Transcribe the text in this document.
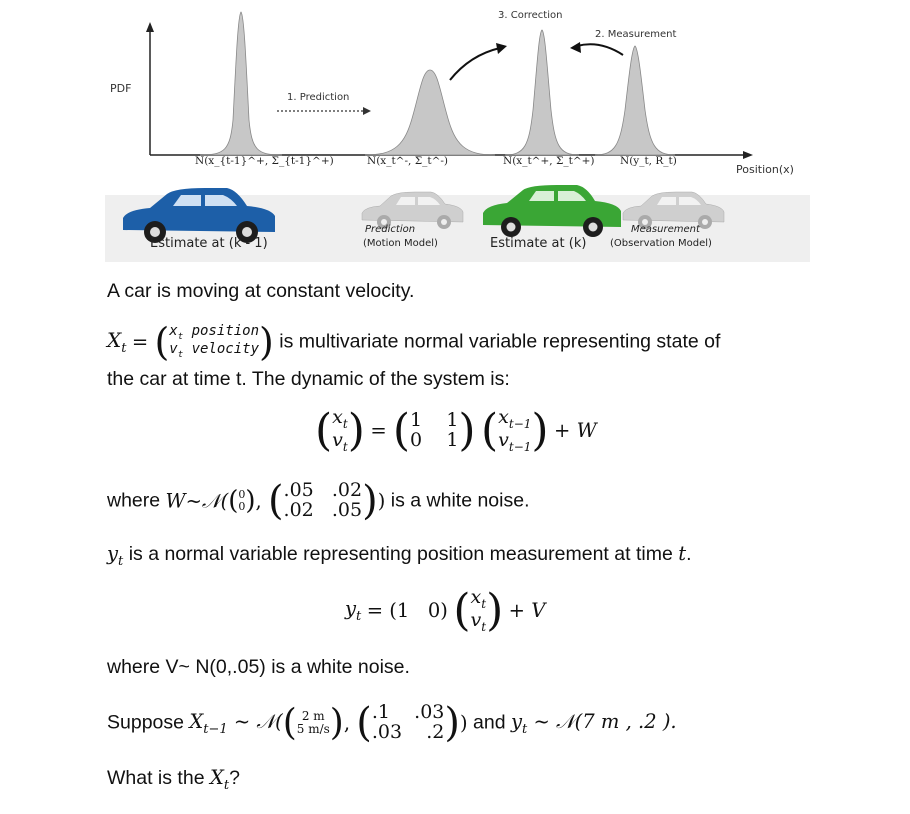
PDF
Position(x)
1. Prediction
3. Correction
2. Measurement
N(x_{t-1}^+, Σ_{t-1}^+)	N(x_t^-, Σ_t^-)	N(x_t^+, Σ_t^+) N(y_t, R_t)
Estimate at (k - 1)
Prediction
(Motion Model)	Estimate at (k)
Measurement
(Observation Model)
A car is moving at constant velocity.
$X_t$ = ( $x_t$ position
$v_t$ velocity ) is multivariate normal variable representing state of
the car at time t. The dynamic of the system is:
( $x_t$
$v_t$ ) = ( 1 1
0 1 ) ( $x_{t-1}$
$v_{t-1}$ ) + W
where W~𝒩(( 0
0 ), ( .05 .02
.02 .05 )) is a white noise.
$y_t$ is a normal variable representing position measurement at time t.
$y_t = (1$ 0) ( $x_t$
$v_t$ ) + V
where V~ N(0,.05) is a white noise.
Suppose $X_{t-1}$ ~ 𝒩(( 2 m
5 m/s ), ( .1 .03
.03 .2 )) and $y_t$ ~ 𝒩(7 m , .2 ).
What is the $X_t$?
